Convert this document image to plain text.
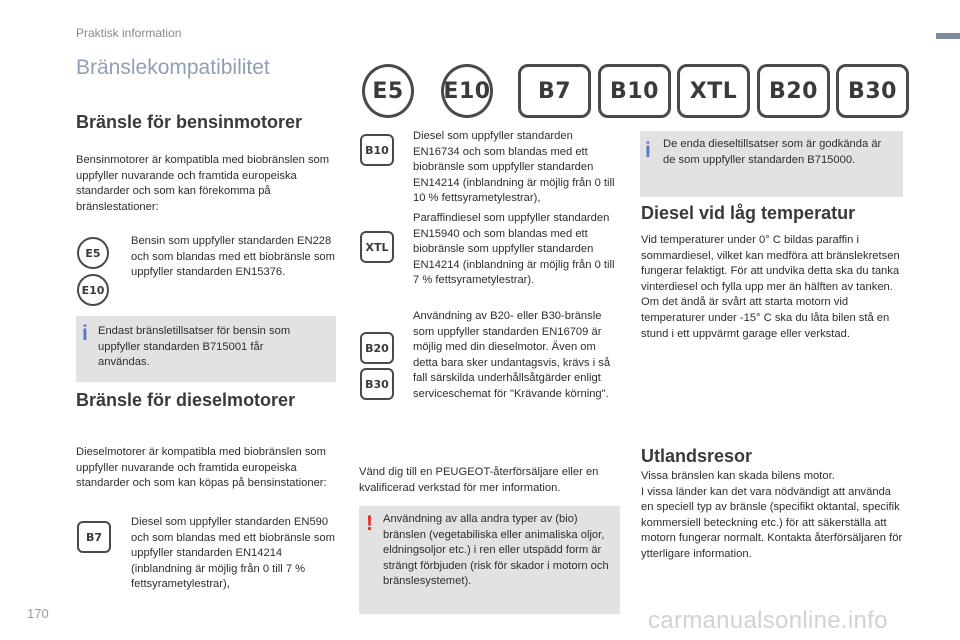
Praktisk information
Bränslekompatibilitet
E5	E10	B7	B10	XTL	B20	B30
Bränsle för bensinmotorer
Bensinmotorer är kompatibla med biobränslen som uppfyller nuvarande och framtida europeiska standarder och som kan förekomma på bränslestationer:
E5
E10
Bensin som uppfyller standarden EN228 och som blandas med ett biobränsle som uppfyller standarden EN15376.
i Endast bränsletillsatser för bensin som uppfyller standarden B715001 får användas.
Bränsle för dieselmotorer
Dieselmotorer är kompatibla med biobränslen som uppfyller nuvarande och framtida europeiska standarder och som kan köpas på bensinstationer:
B7
Diesel som uppfyller standarden EN590 och som blandas med ett biobränsle som uppfyller standarden EN14214 (inblandning är möjlig från 0 till 7 % fettsyrametylestrar),
B10
Diesel som uppfyller standarden EN16734 och som blandas med ett biobränsle som uppfyller standarden EN14214 (inblandning är möjlig från 0 till 10 % fettsyrametylestrar),
XTL
Paraffindiesel som uppfyller standarden EN15940 och som blandas med ett biobränsle som uppfyller standarden EN14214 (inblandning är möjlig från 0 till 7 % fettsyrametylestrar).
B20
B30
Användning av B20- eller B30-bränsle som uppfyller standarden EN16709 är möjlig med din dieselmotor. Även om detta bara sker undantagsvis, krävs i så fall särskilda underhållsåtgärder enligt serviceschemat för "Krävande körning".
Vänd dig till en PEUGEOT-återförsäljare eller en kvalificerad verkstad för mer information.
! Användning av alla andra typer av (bio) bränslen (vegetabiliska eller animaliska oljor, eldningsoljor etc.) i ren eller utspädd form är strängt förbjuden (risk för skador i motorn och bränslesystemet).
i De enda dieseltillsatser som är godkända är de som uppfyller standarden B715000.
Diesel vid låg temperatur
Vid temperaturer under 0° C bildas paraffin i sommardiesel, vilket kan medföra att bränslekretsen fungerar felaktigt. För att undvika detta ska du tanka vinterdiesel och fylla upp mer än hälften av tanken.
Om det ändå är svårt att starta motorn vid temperaturer under -15° C ska du låta bilen stå en stund i ett uppvärmt garage eller verkstad.
Utlandsresor
Vissa bränslen kan skada bilens motor.
I vissa länder kan det vara nödvändigt att använda en speciell typ av bränsle (specifikt oktantal, specifik kommersiell beteckning etc.) för att säkerställa att motorn fungerar normalt. Kontakta återförsäljaren för ytterligare information.
170	carmanualsonline.info
